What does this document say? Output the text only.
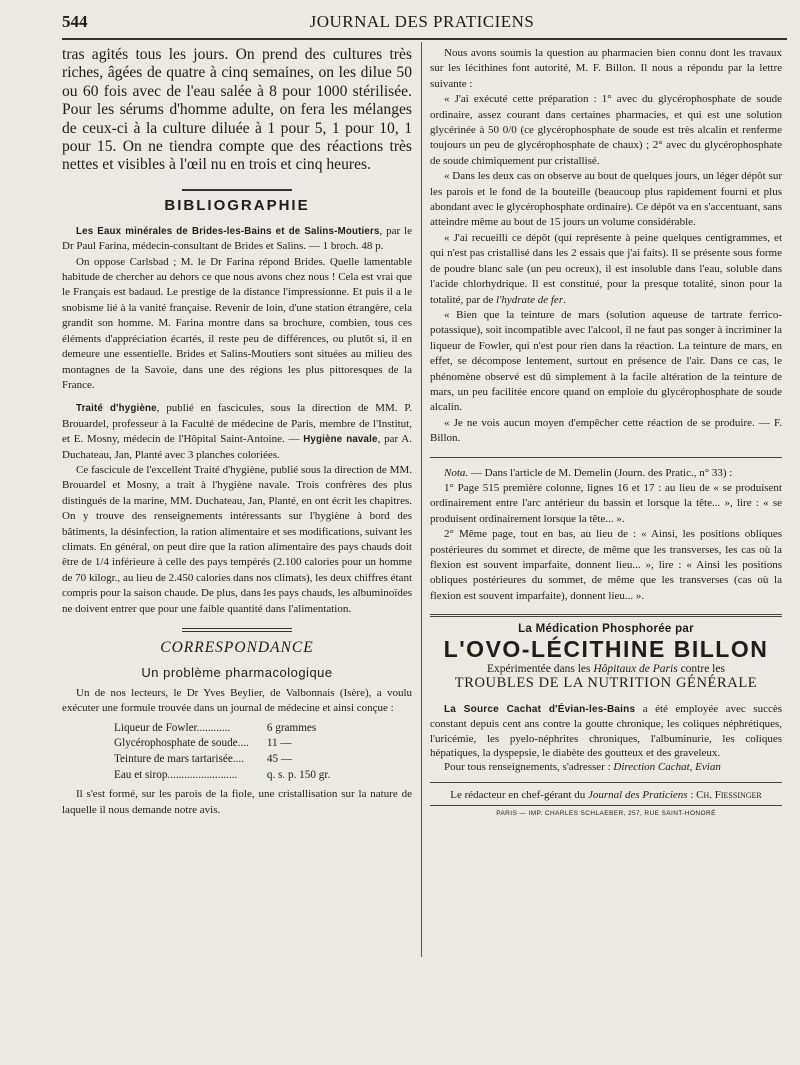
544	JOURNAL DES PRATICIENS

tras agités tous les jours. On prend des cultures très riches, âgées de quatre à cinq semaines, on les dilue 50 ou 60 fois avec de l'eau salée à 8 pour 1000 stérilisée. Pour les sérums d'homme adulte, on fera les mélanges de ceux-ci à la culture diluée à 1 pour 5, 1 pour 10, 1 pour 15. On ne tiendra compte que des réactions très nettes et visibles à l'œil nu en trois et cinq heures.

BIBLIOGRAPHIE

Les Eaux minérales de Brides-les-Bains et de Salins-Moutiers, par le Dr Paul Farina, médecin-consultant de Brides et Salins. — 1 broch. 48 p.

On oppose Carlsbad ; M. le Dr Farina répond Brides. Quelle lamentable habitude de chercher au dehors ce que nous avons chez nous ! Cela est vrai que le Français est badaud. Le prestige de la distance l'impressionne. Et puis il a le snobisme lié à la vanité française. Revenir de loin, d'une station étrangère, cela grandit son homme. M. Farina montre dans sa brochure, combien, tous ces éléments d'appréciation écartés, il reste peu de différences, ou plutôt si, il en demeure une essentielle. Brides et Salins-Moutiers sont situées au milieu des montagnes de la Savoie, dans une des régions les plus pittoresques de la France.

Traité d'hygiène, publié en fascicules, sous la direction de MM. P. Brouardel, professeur à la Faculté de médecine de Paris, membre de l'Institut, et E. Mosny, médecin de l'Hôpital Saint-Antoine. — Hygiène navale, par A. Duchateau, Jan, Planté avec 3 planches coloriées.

Ce fascicule de l'excellent Traité d'hygiène, publié sous la direction de MM. Brouardel et Mosny, a trait à l'hygiène navale. Trois confrères des plus distingués de la marine, MM. Duchateau, Jan, Planté, en ont écrit les chapitres. On y trouve des renseignements intéressants sur l'hygiène à bord des bâtiments, la désinfection, la ration alimentaire et ses modifications, suivant les climats. En général, on peut dire que la ration alimentaire des pays chauds doit être de 1/4 inférieure à celle des pays tempérés (2.100 calories pour un homme de 70 kilogr., au lieu de 2.450 calories dans nos climats), les deux chiffres étant compris pour la saison chaude. De plus, dans les pays chauds, les albuminoïdes ne doivent entrer que pour une faible quantité dans l'alimentation.

CORRESPONDANCE
Un problème pharmacologique

Un de nos lecteurs, le Dr Yves Beylier, de Valbonnais (Isère), a voulu exécuter une formule trouvée dans un journal de médecine et ainsi conçue :

Liqueur de Fowler............	6 grammes
Glycérophosphate de soude....	11 —
Teinture de mars tartarisée....	45 —
Eau et sirop.........................	q. s. p. 150 gr.

Il s'est formé, sur les parois de la fiole, une cristallisation sur la nature de laquelle il nous demande notre avis.

Nous avons soumis la question au pharmacien bien connu dont les travaux sur les lécithines font autorité, M. F. Billon. Il nous a répondu par la lettre suivante :

« J'ai exécuté cette préparation : 1° avec du glycérophosphate de soude ordinaire, assez courant dans certaines pharmacies, et qui est une solution glycérinée à 50 0/0 (ce glycérophosphate de soude est très alcalin et renferme toujours un peu de glycérophosphate de chaux) ; 2° avec du glycérophosphate de soude chimiquement pur cristallisé.

« Dans les deux cas on observe au bout de quelques jours, un léger dépôt sur les parois et le fond de la bouteille (beaucoup plus rapidement fourni et plus abondant avec le glycérophosphate ordinaire). Ce dépôt va en s'accentuant, sans atteindre même au bout de 15 jours un volume considérable.

« J'ai recueilli ce dépôt (qui représente à peine quelques centigrammes, et qui n'est pas cristallisé dans les 2 essais que j'ai faits). Il se présente sous forme de poudre blanc sale (un peu ocreux), il est insoluble dans l'eau, soluble dans l'acide chlorhydrique. Il est constitué, pour la presque totalité, sinon pour la totalité, par de l'hydrate de fer.

« Bien que la teinture de mars (solution aqueuse de tartrate ferrico-potassique), soit incompatible avec l'alcool, il ne faut pas songer à incriminer la liqueur de Fowler, qui n'est pour rien dans la réaction. La teinture de mars, en effet, se décompose lentement, surtout en présence de l'air. Dans ce cas, le phénomène observé est dû simplement à la facile altération de la teinture de mars, un peu facilitée encore quand on emploie du glycérophosphate de soude alcalin.

« Je ne vois aucun moyen d'empêcher cette réaction de se produire. — F. Billon.

Nota. — Dans l'article de M. Demelin (Journ. des Pratic., n° 33) :

1° Page 515 première colonne, lignes 16 et 17 : au lieu de « se produisent ordinairement entre l'arc antérieur du bassin et lorsque la tête... », lire : « se produisent ordinairement lorsque la tête... ».

2° Même page, tout en bas, au lieu de : « Ainsi, les positions obliques postérieures du sommet et directe, de même que les transverses, les cas où la flexion est souvent imparfaite, donnent lieu... », lire : « Ainsi les positions obliques postérieures du sommet, de même que les transverses (cas où la flexion est souvent imparfaite), donnent lieu... ».

La Médication Phosphorée par
L'OVO-LÉCITHINE BILLON
Expérimentée dans les Hôpitaux de Paris contre les
TROUBLES DE LA NUTRITION GÉNÉRALE

La Source Cachat d'Évian-les-Bains a été employée avec succès constant depuis cent ans contre la goutte chronique, les coliques néphrétiques, l'uricémie, les pyelo-néphrites chroniques, l'albuminurie, les coliques hépatiques, la dyspepsie, le diabète des goutteux et des graveleux.

Pour tous renseignements, s'adresser : Direction Cachat, Evian

Le rédacteur en chef-gérant du Journal des Praticiens : Ch. Fiessinger
PARIS — IMP. CHARLES SCHLAEBER, 257, RUE SAINT-HONORÉ
